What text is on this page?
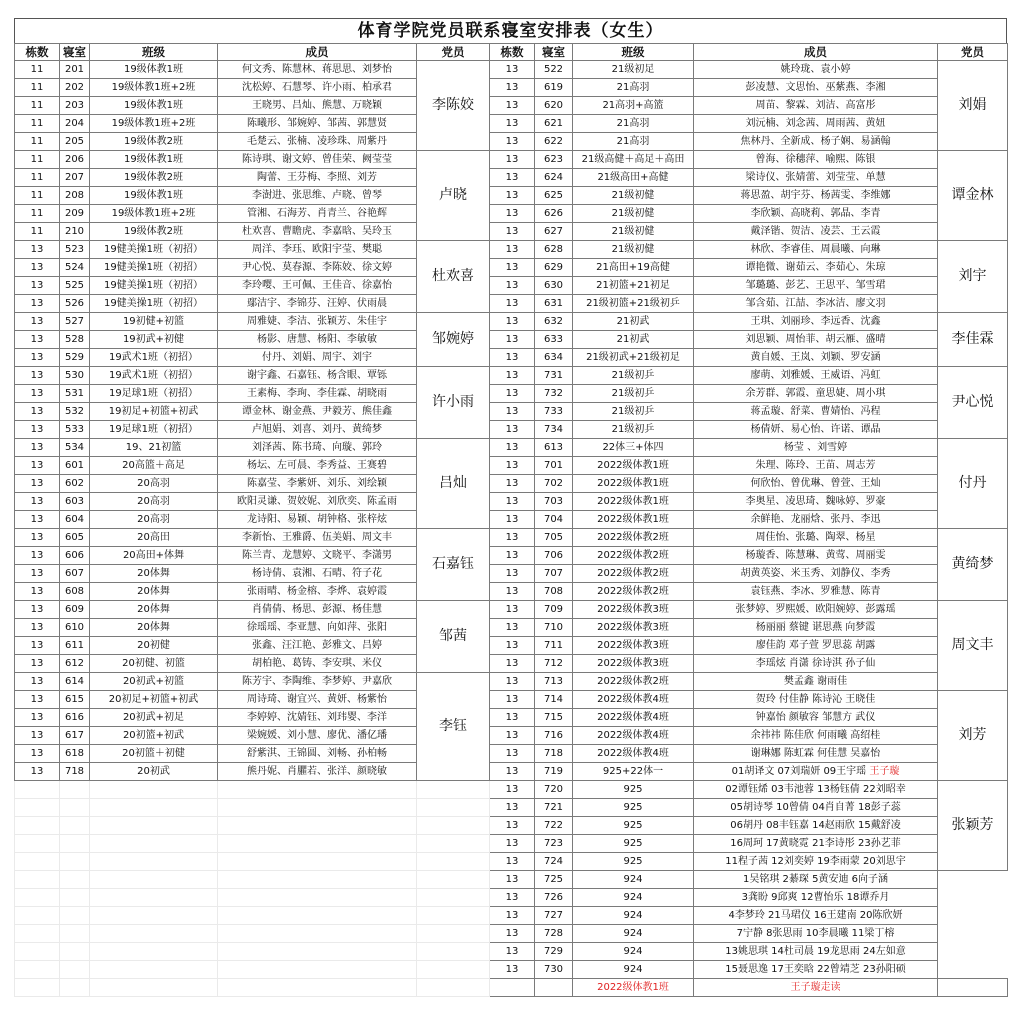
体育学院党员联系寝室安排表（女生）
栋数	寝室	班级	成员	党员	栋数	寝室	班级	成员	党员
11	201	19级体教1班	何文秀、陈慧林、蒋思思、刘梦怡	李陈姣	13	522	21级初足	姚玲珑、袁小婷	刘娟
11	202	19级体教1班+2班	沈松婷、石慧琴、许小雨、柏承君		13	619	21高羽	彭凌慧、文思怡、巫紫燕、李湘	
11	203	19级体教1班	王晓男、吕灿、熊慧、万晓颖		13	620	21高羽+高篮	周苗、黎霖、刘洁、高富彤	
11	204	19级体教1班+2班	陈曦形、邹婉婷、邹茜、郭慧贤		13	621	21高羽	刘沅楠、刘念茜、周雨茜、黄妞	
11	205	19级体教2班	毛楚云、张楠、凌珍珠、周紫丹		13	622	21高羽	焦林丹、全新成、杨子娴、易涵翰	
11	206	19级体教1班	陈诗琪、谢文婷、曾佳荣、阙莹莹	卢晓	13	623	21级高健＋高足＋高田	曾海、徐穗萍、喻熙、陈银	谭金林
11	207	19级体教2班	陶蕾、王芬梅、李照、刘芳		13	624	21级高田+高健	梁诗仪、张婧蕾、刘莹莹、单慧	
11	208	19级体教1班	李澍进、张思维、卢晓、曾琴		13	625	21级初健	蒋思盈、胡宇芬、杨茜雯、李维娜	
11	209	19级体教1班+2班	管湘、石海芳、肖青兰、谷艳辉		13	626	21级初健	李欣颖、高晓莉、郭晶、李青	
11	210	19级体教2班	杜欢喜、曹瞻虎、李嘉晗、吴玲玉		13	627	21级初健	戴泽锴、贺洁、凌芸、王云霞	
13	523	19健美操1班（初招）	周洋、李珏、欧阳宇莹、樊聪	杜欢喜	13	628	21级初健	林欣、李睿佳、周晨曦、向琳	刘宇
13	524	19健美操1班（初招）	尹心悦、莫春源、李陈姣、徐文婷		13	629	21高田+19高健	谭艳微、谢茹云、李茹心、朱琼	
13	525	19健美操1班（初招）	李玲嘤、王可佩、王佳音、徐嘉怡		13	630	21初篮+21初足	邹璐璐、彭艺、王思平、邹雪珺	
13	526	19健美操1班（初招）	鄢洁宇、李锦芬、汪婷、伏雨晨		13	631	21级初篮+21级初乒	邹含茹、江喆、李冰洁、廖文羽	
13	527	19初健+初篮	周雅婕、李洁、张颖芳、朱佳宇	邹婉婷	13	632	21初武	王琪、刘丽珍、李远香、沈鑫	李佳霖
13	528	19初武+初健	杨影、唐慧、杨阳、李敏敏		13	633	21初武	刘思颖、周怡菲、胡云雁、盛晴	
13	529	19武术1班（初招）	付丹、刘娟、周宇、刘宇		13	634	21级初武+21级初足	黄自媛、王岚、刘颖、罗安涵	
13	530	19武术1班（初招）	谢宇鑫、石嘉钰、杨含眼、覃铄	许小雨	13	731	21级初乒	廖萌、刘雅媛、王威语、冯虹	尹心悦
13	531	19足球1班（初招）	王素梅、李珣、李佳霖、胡晓雨		13	732	21级初乒	余芳群、郭霞、童思婕、周小琪	
13	532	19初足+初篮+初武	谭金林、谢金燕、尹毅芳、熊佳鑫		13	733	21级初乒	蒋孟璇、舒菜、曹婧怡、冯程	
13	533	19足球1班（初招）	卢旭娟、刘喜、刘丹、黄绮梦		13	734	21级初乒	杨倩妍、易心怡、许诺、谭晶	
13	534	19、21初篮	刘泽茜、陈书琦、向璇、郭玲	吕灿	13	613	22体三+体四	杨莹 、刘雪婷	付丹
13	601	20高篮＋高足	杨坛、左可晨、李秀益、王赛碧		13	701	2022级体教1班	朱理、陈玲、王苗、周志芳	
13	602	20高羽	陈嘉莹、李紫妍、刘乐、刘绘颖		13	702	2022级体教1班	何欣怡、曾优琳、曾萱、王灿	
13	603	20高羽	欧阳灵谦、贺姣妮、刘欣奕、陈孟雨		13	703	2022级体教1班	李奥星、凌思琦、魏咏婷、罗豪	
13	604	20高羽	龙诗阳、易颖、胡钟格、张梓炫		13	704	2022级体教1班	余鲜艳、龙丽焓、张丹、李迅	
13	605	20高田	李新怡、王雅爵、伍美娟、周文丰	石嘉钰	13	705	2022级体教2班	周佳怡、张璐、陶翠、杨星	黄绮梦
13	606	20高田+体舞	陈兰青、龙慧婷、文晓平、李潇男		13	706	2022级体教2班	杨璇香、陈慧琳、黄莺、周丽雯	
13	607	20体舞	杨诗倩、袁湘、石晴、符子花		13	707	2022级体教2班	胡黄英姿、米玉秀、刘静仪、李秀	
13	608	20体舞	张雨晴、杨金榕、李烨、袁婷霞		13	708	2022级体教2班	袁钰燕、李冰、罗雅慧、陈青	
13	609	20体舞	肖倩倩、杨思、彭源、杨佳慧	邹茜	13	709	2022级体教3班	张梦婷、罗熙媛、欧阳婉婷、彭露瑶	周文丰
13	610	20体舞	徐瑶瑶、李亚慧、向如萍、张阳		13	710	2022级体教3班	杨丽丽 蔡键 谌思燕 向梦霞	
13	611	20初健	张鑫、汪江艳、彭雅文、吕婷		13	711	2022级体教3班	廖佳韵 邓子萱 罗思蕊 胡露	
13	612	20初健、初篮	胡柏艳、葛铸、李安琪、米仪		13	712	2022级体教3班	李瑶炫 肖潇 徐诗淇 孙子仙	
13	614	20初武+初篮	陈芳宇、李陶维、李梦婷、尹嘉欣	李钰	13	713	2022级体教2班	樊孟鑫 谢雨佳	
13	615	20初足+初篮+初武	周诗琦、谢宜兴、黄妍、杨紫怡		13	714	2022级体教4班	贺玲 付佳静 陈诗沁 王晓佳	刘芳
13	616	20初武+初足	李婷婷、沈婧钰、刘玮婴、李洋		13	715	2022级体教4班	钟嘉怡 颜敏容 邹慧方 武仪	
13	617	20初篮+初武	梁婉媛、刘小慧、廖优、潘亿璠		13	716	2022级体教4班	余祎祎 陈佳欣 何雨曦 高绍桂	
13	618	20初篮＋初健	舒紫淇、王锦圆、刘畅、孙柏畅		13	718	2022级体教4班	谢琳娜 陈虹霖 何佳慧 吴嘉怡	
13	718	20初武	熊丹妮、肖臞若、张洋、颜晓敏		13	719	925+22体一	01胡译文 07刘瑞妍 09王宇瑶 王子璇	
					13	720	925	02谭钰烯 03韦池蓉 13杨钰倩 22刘昭幸	张颖芳
					13	721	925	05胡诗琴 10曾倩 04肖自菁 18彭子蕊	
					13	722	925	06胡丹 08丰钰嘉 14赵雨欣 15戴舒凌	
					13	723	925	16周珂 17黄晓霓 21李诗彤 23孙艺菲	
					13	724	925	11程子茜 12刘奕婷 19李雨蒙 20刘思宇	
					13	725	924	1吴铭琪 2綦琛 5黄安迪 6向子涵	
					13	726	924	3龚盼 9邱爽 12曹怡乐 18谭乔月	
					13	727	924	4李梦玲 21马珺仪 16王建南 20陈欣妍	
					13	728	924	7宁静 8张思雨 10李晨曦 11梁丁榕	
					13	729	924	13姚思琪 14杜司晨 19龙思雨 24左如意	
					13	730	924	15聂思逸 17王奕晗 22曾靖芝 23孙阳硕	
							2022级体教1班	王子璇走读	
